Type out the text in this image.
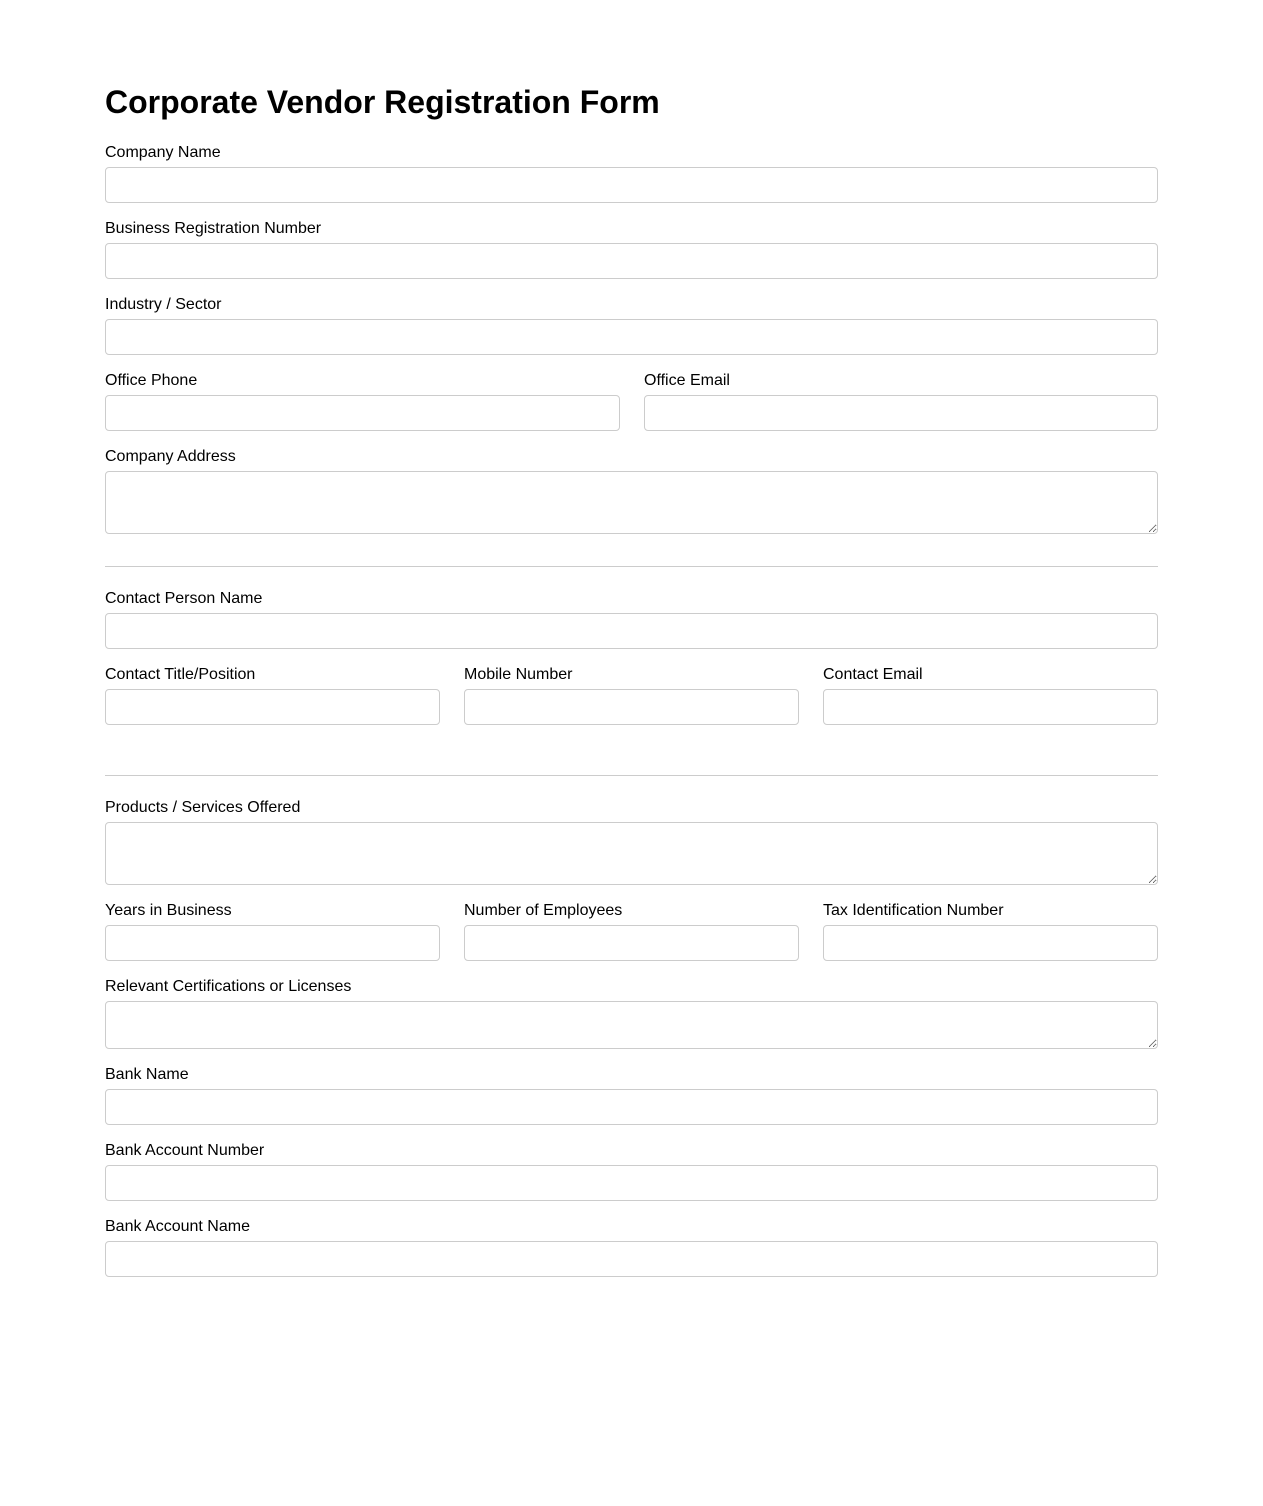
Corporate Vendor Registration Form
Company Name
Business Registration Number
Industry / Sector
Office Phone	Office Email
Company Address
Contact Person Name
Contact Title/Position	Mobile Number	Contact Email
Products / Services Offered
Years in Business	Number of Employees	Tax Identification Number
Relevant Certifications or Licenses
Bank Name
Bank Account Number
Bank Account Name
